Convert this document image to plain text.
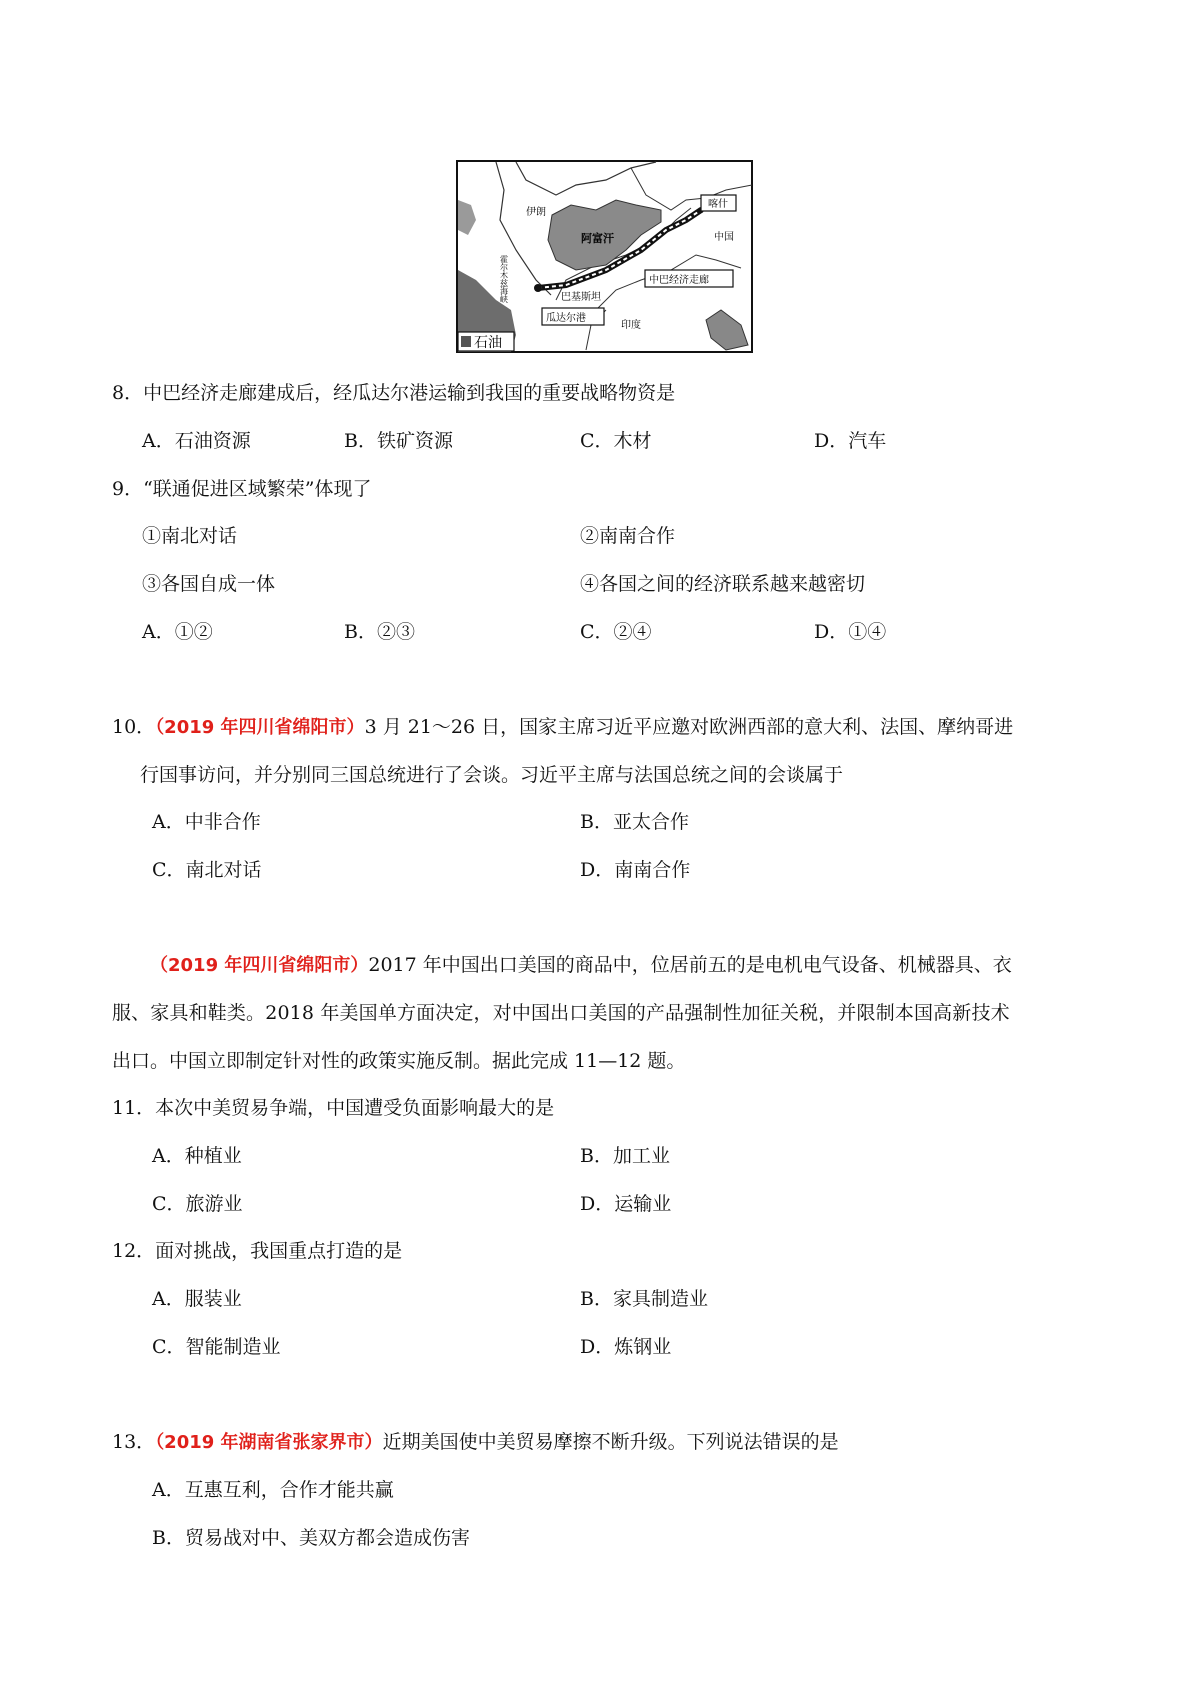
伊朗
阿富汗
喀什
中国
中巴经济走廊
巴基斯坦
瓜达尔港
印度
霍尔木兹海峡
石油
8．中巴经济走廊建成后，经瓜达尔港运输到我国的重要战略物资是
A．石油资源	B．铁矿资源	C．木材	D．汽车
9．“联通促进区域繁荣”体现了
①南北对话	②南南合作
③各国自成一体	④各国之间的经济联系越来越密切
A．①②	B．②③	C．②④	D．①④
10．（2019 年四川省绵阳市）3 月 21～26 日，国家主席习近平应邀对欧洲西部的意大利、法国、摩纳哥进
行国事访问，并分别同三国总统进行了会谈。习近平主席与法国总统之间的会谈属于
A．中非合作	B．亚太合作
C．南北对话	D．南南合作
（2019 年四川省绵阳市）2017 年中国出口美国的商品中，位居前五的是电机电气设备、机械器具、衣
服、家具和鞋类。2018 年美国单方面决定，对中国出口美国的产品强制性加征关税，并限制本国高新技术
出口。中国立即制定针对性的政策实施反制。据此完成 11—12 题。
11．本次中美贸易争端，中国遭受负面影响最大的是
A．种植业	B．加工业
C．旅游业	D．运输业
12．面对挑战，我国重点打造的是
A．服装业	B．家具制造业
C．智能制造业	D．炼钢业
13．（2019 年湖南省张家界市）近期美国使中美贸易摩擦不断升级。下列说法错误的是
A．互惠互利，合作才能共赢
B．贸易战对中、美双方都会造成伤害
